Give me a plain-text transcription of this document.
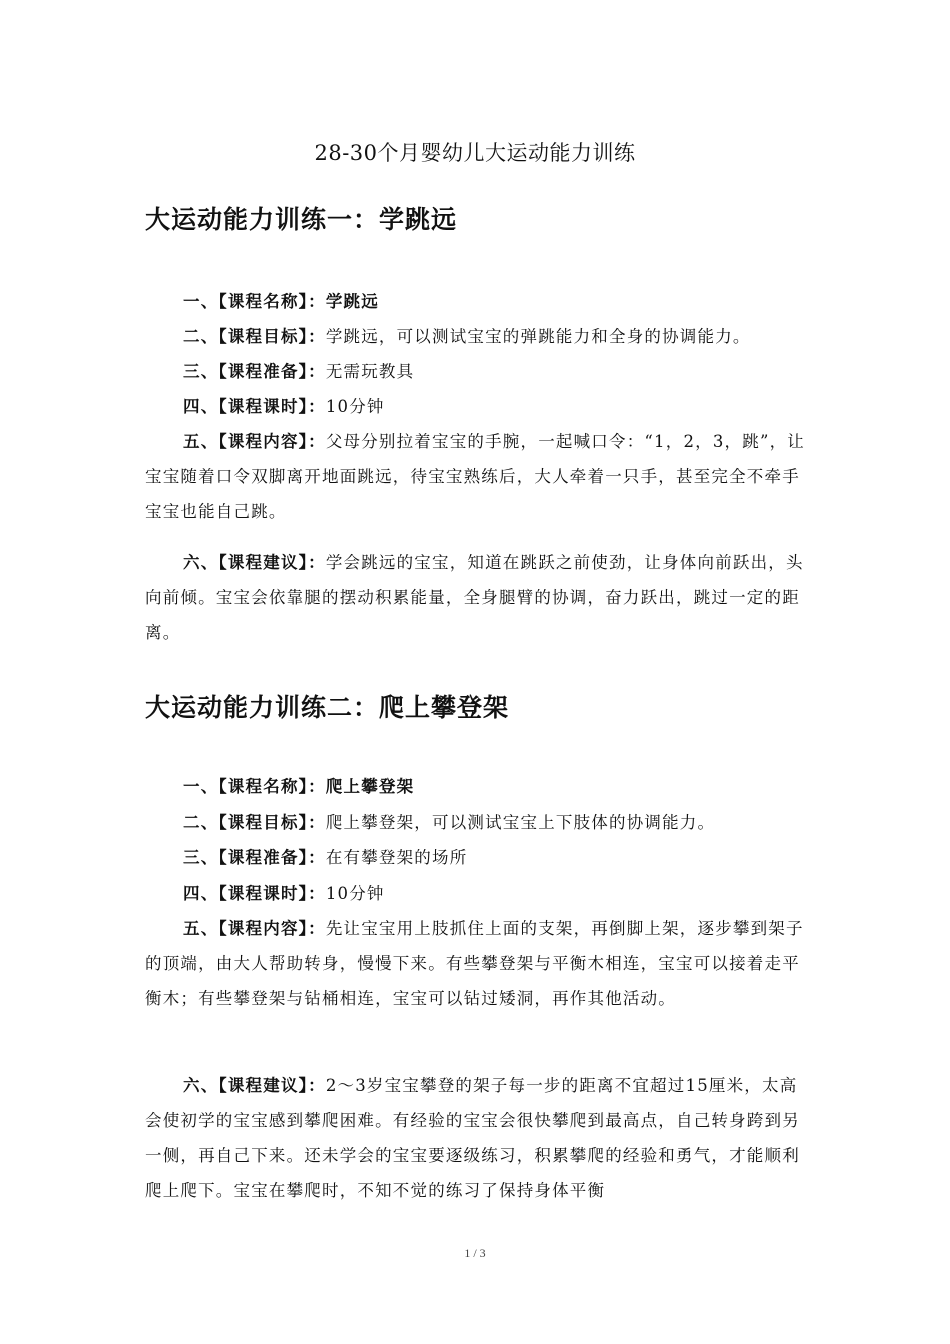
28-30个月婴幼儿大运动能力训练
大运动能力训练一：学跳远
一、【课程名称】：学跳远
二、【课程目标】：学跳远，可以测试宝宝的弹跳能力和全身的协调能力。
三、【课程准备】：无需玩教具
四、【课程课时】：10分钟
五、【课程内容】：父母分别拉着宝宝的手腕，一起喊口令：“1，2，3，跳”，让宝宝随着口令双脚离开地面跳远，待宝宝熟练后，大人牵着一只手，甚至完全不牵手宝宝也能自己跳。
六、【课程建议】：学会跳远的宝宝，知道在跳跃之前使劲，让身体向前跃出，头向前倾。宝宝会依靠腿的摆动积累能量，全身腿臂的协调，奋力跃出，跳过一定的距离。
大运动能力训练二：爬上攀登架
一、【课程名称】：爬上攀登架
二、【课程目标】：爬上攀登架，可以测试宝宝上下肢体的协调能力。
三、【课程准备】：在有攀登架的场所
四、【课程课时】：10分钟
五、【课程内容】：先让宝宝用上肢抓住上面的支架，再倒脚上架，逐步攀到架子的顶端，由大人帮助转身，慢慢下来。有些攀登架与平衡木相连，宝宝可以接着走平衡木；有些攀登架与钻桶相连，宝宝可以钻过矮洞，再作其他活动。
六、【课程建议】：2～3岁宝宝攀登的架子每一步的距离不宜超过15厘米，太高会使初学的宝宝感到攀爬困难。有经验的宝宝会很快攀爬到最高点，自己转身跨到另一侧，再自己下来。还未学会的宝宝要逐级练习，积累攀爬的经验和勇气，才能顺利爬上爬下。宝宝在攀爬时，不知不觉的练习了保持身体平衡
1 / 3
